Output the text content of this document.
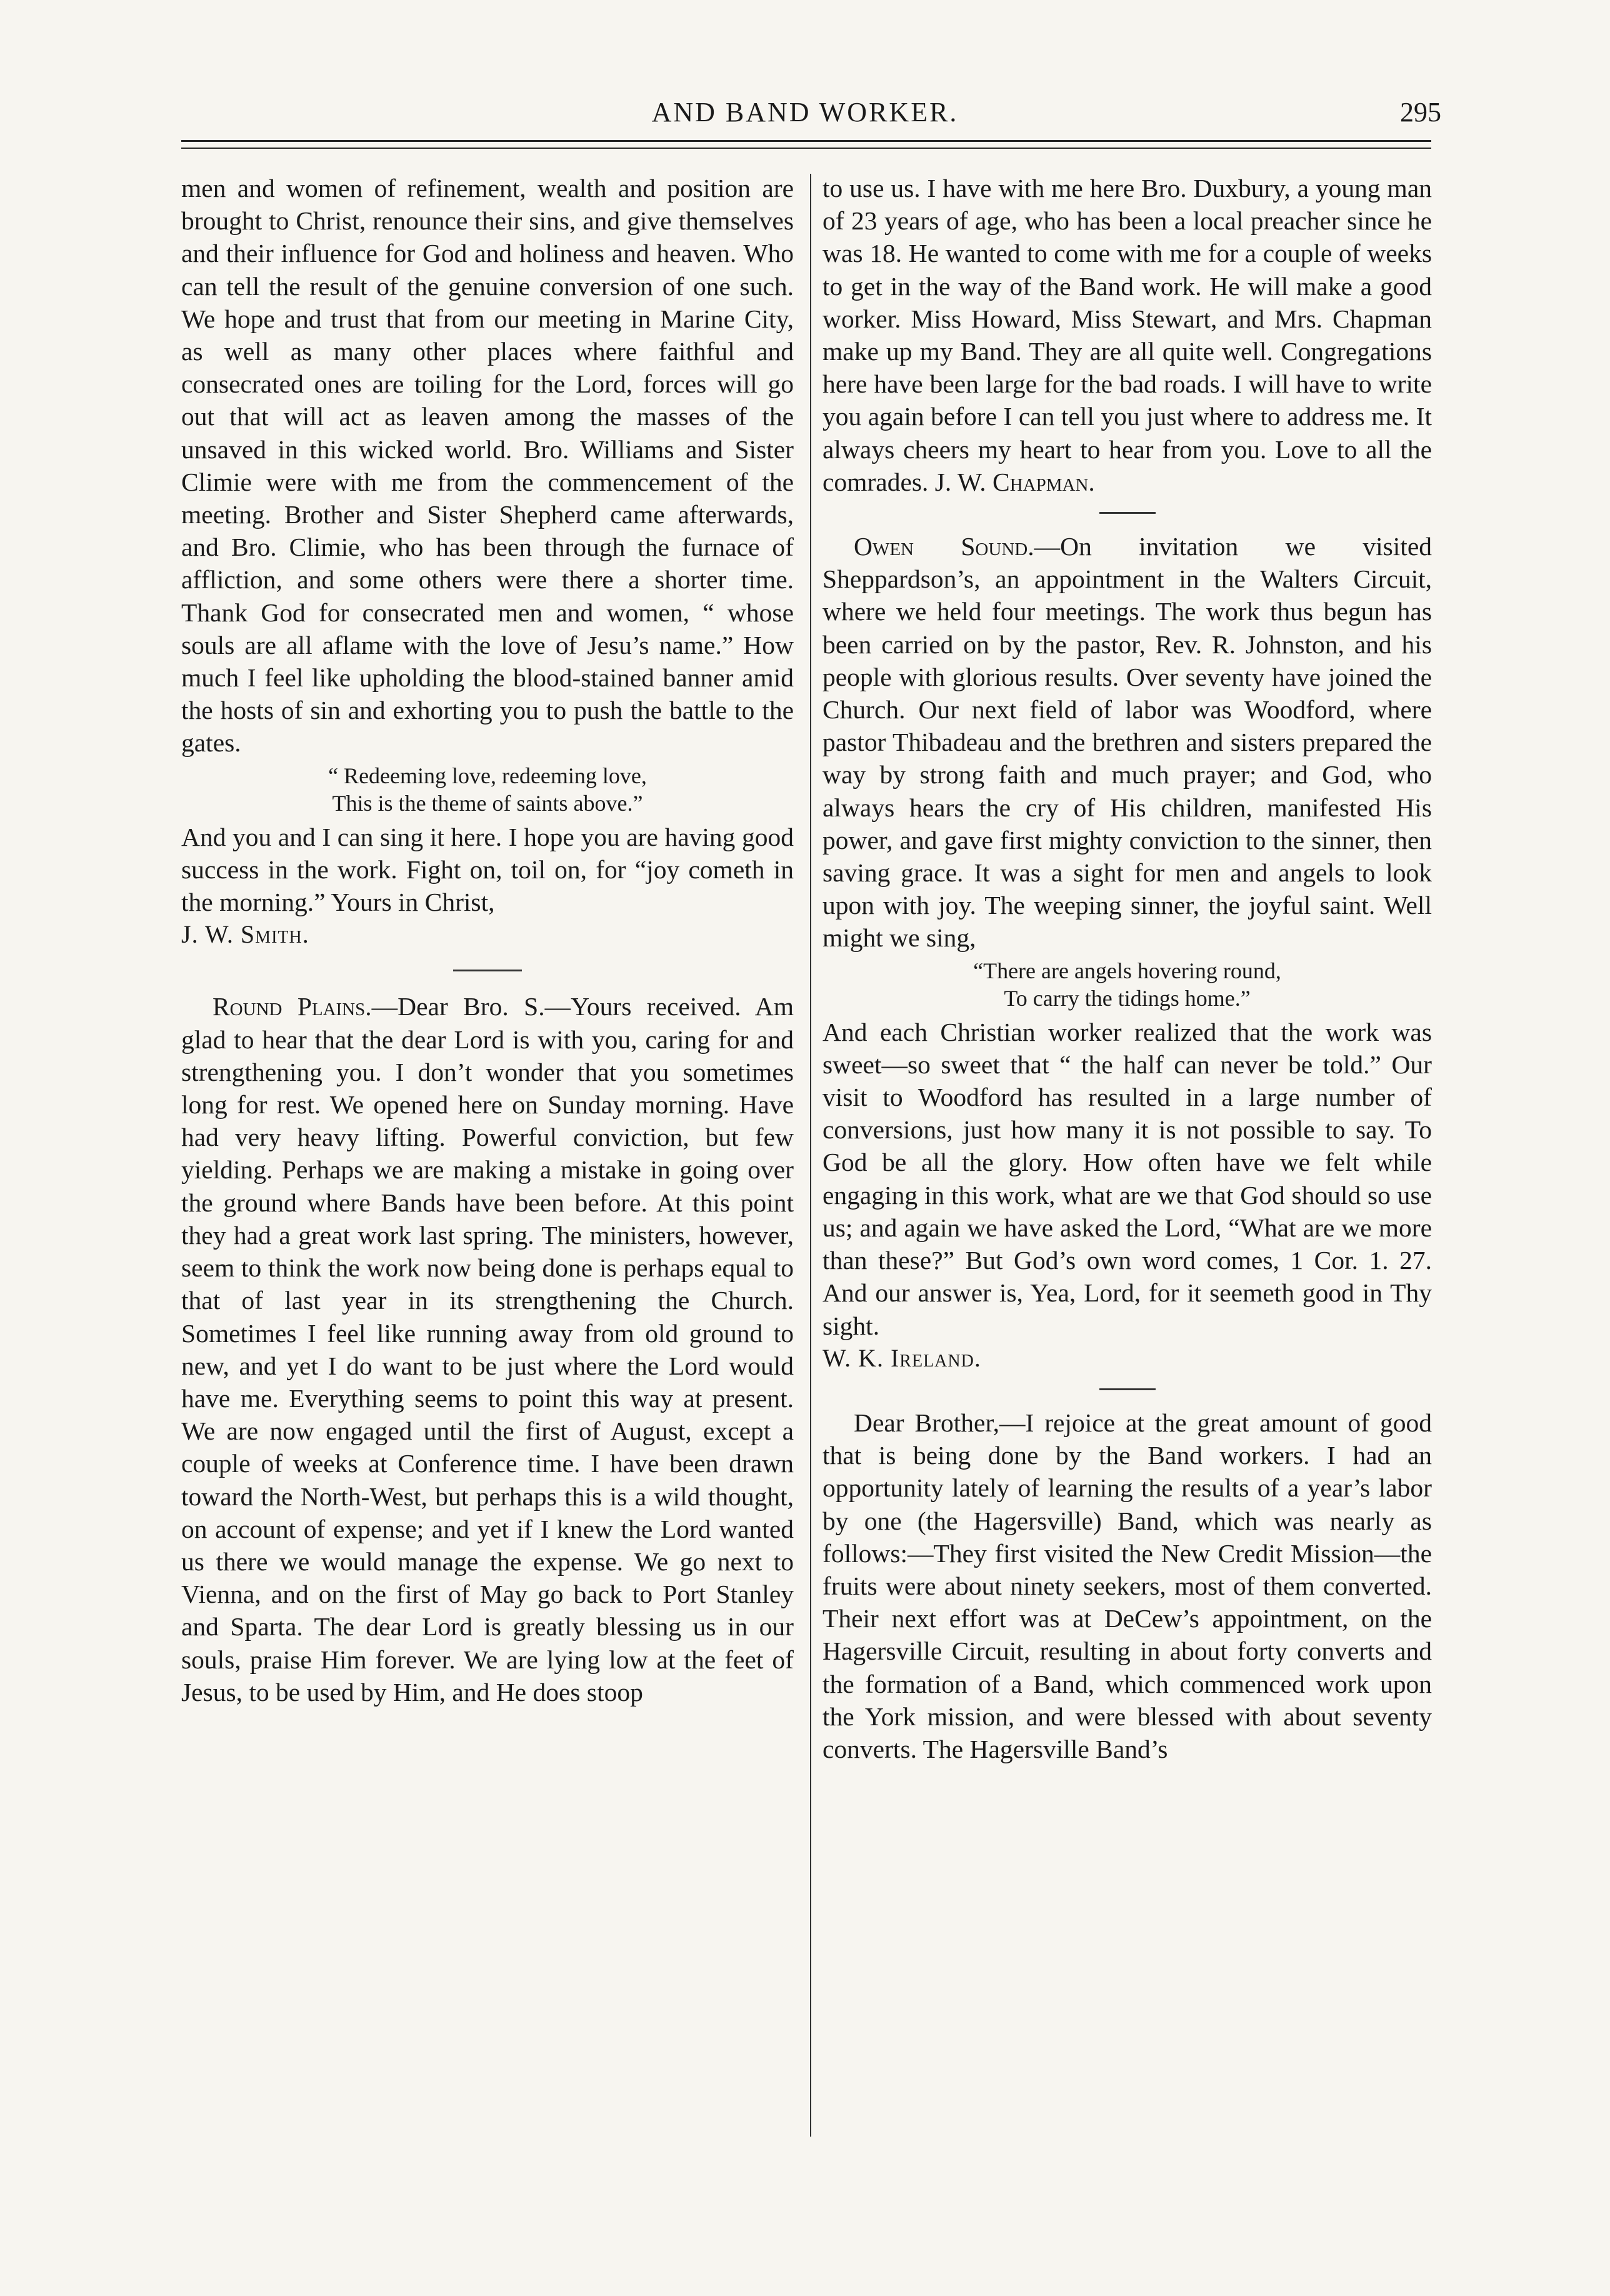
AND BAND WORKER.	295

men and women of refinement, wealth and position are brought to Christ, renounce their sins, and give themselves and their influence for God and holiness and heaven. Who can tell the result of the genuine conversion of one such. We hope and trust that from our meeting in Marine City, as well as many other places where faithful and consecrated ones are toiling for the Lord, forces will go out that will act as leaven among the masses of the unsaved in this wicked world. Bro. Williams and Sister Climie were with me from the commencement of the meeting. Brother and Sister Shepherd came afterwards, and Bro. Climie, who has been through the furnace of affliction, and some others were there a shorter time. Thank God for consecrated men and women, “ whose souls are all aflame with the love of Jesu’s name.” How much I feel like upholding the blood-stained banner amid the hosts of sin and exhorting you to push the battle to the gates.

“ Redeeming love, redeeming love,
This is the theme of saints above.”

And you and I can sing it here. I hope you are having good success in the work. Fight on, toil on, for “joy cometh in the morning.” Yours in Christ,

J. W. Smith.

Round Plains.—Dear Bro. S.—Yours received. Am glad to hear that the dear Lord is with you, caring for and strengthening you. I don’t wonder that you sometimes long for rest. We opened here on Sunday morning. Have had very heavy lifting. Powerful conviction, but few yielding. Perhaps we are making a mistake in going over the ground where Bands have been before. At this point they had a great work last spring. The ministers, however, seem to think the work now being done is perhaps equal to that of last year in its strengthening the Church. Sometimes I feel like running away from old ground to new, and yet I do want to be just where the Lord would have me. Everything seems to point this way at present. We are now engaged until the first of August, except a couple of weeks at Conference time. I have been drawn toward the North-West, but perhaps this is a wild thought, on account of expense; and yet if I knew the Lord wanted us there we would manage the expense. We go next to Vienna, and on the first of May go back to Port Stanley and Sparta. The dear Lord is greatly blessing us in our souls, praise Him forever. We are lying low at the feet of Jesus, to be used by Him, and He does stoop

to use us. I have with me here Bro. Duxbury, a young man of 23 years of age, who has been a local preacher since he was 18. He wanted to come with me for a couple of weeks to get in the way of the Band work. He will make a good worker. Miss Howard, Miss Stewart, and Mrs. Chapman make up my Band. They are all quite well. Congregations here have been large for the bad roads. I will have to write you again before I can tell you just where to address me. It always cheers my heart to hear from you. Love to all the comrades. J. W. Chapman.

Owen Sound.—On invitation we visited Sheppardson’s, an appointment in the Walters Circuit, where we held four meetings. The work thus begun has been carried on by the pastor, Rev. R. Johnston, and his people with glorious results. Over seventy have joined the Church. Our next field of labor was Woodford, where pastor Thibadeau and the brethren and sisters prepared the way by strong faith and much prayer; and God, who always hears the cry of His children, manifested His power, and gave first mighty conviction to the sinner, then saving grace. It was a sight for men and angels to look upon with joy. The weeping sinner, the joyful saint. Well might we sing,

“There are angels hovering round,
To carry the tidings home.”

And each Christian worker realized that the work was sweet—so sweet that “ the half can never be told.” Our visit to Woodford has resulted in a large number of conversions, just how many it is not possible to say. To God be all the glory. How often have we felt while engaging in this work, what are we that God should so use us; and again we have asked the Lord, “What are we more than these?” But God’s own word comes, 1 Cor. 1. 27. And our answer is, Yea, Lord, for it seemeth good in Thy sight.

W. K. Ireland.

Dear Brother,—I rejoice at the great amount of good that is being done by the Band workers. I had an opportunity lately of learning the results of a year’s labor by one (the Hagersville) Band, which was nearly as follows:—They first visited the New Credit Mission—the fruits were about ninety seekers, most of them converted. Their next effort was at DeCew’s appointment, on the Hagersville Circuit, resulting in about forty converts and the formation of a Band, which commenced work upon the York mission, and were blessed with about seventy converts. The Hagersville Band’s
